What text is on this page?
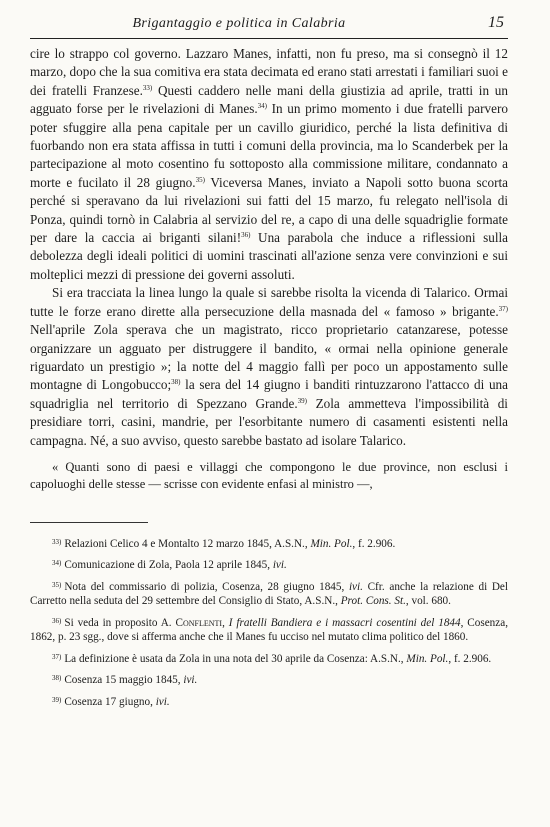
Brigantaggio e politica in Calabria	15

cire lo strappo col governo. Lazzaro Manes, infatti, non fu preso, ma si consegnò il 12 marzo, dopo che la sua comitiva era stata decimata ed erano stati arrestati i familiari suoi e dei fratelli Franzese.$^{33)}$ Questi caddero nelle mani della giustizia ad aprile, tratti in un agguato forse per le rivelazioni di Manes.$^{34)}$ In un primo momento i due fratelli parvero poter sfuggire alla pena capitale per un cavillo giuridico, perché la lista definitiva di fuorbando non era stata affissa in tutti i comuni della provincia, ma lo Scanderbek per la partecipazione al moto cosentino fu sottoposto alla commissione militare, condannato a morte e fucilato il 28 giugno.$^{35)}$ Viceversa Manes, inviato a Napoli sotto buona scorta perché si speravano da lui rivelazioni sui fatti del 15 marzo, fu relegato nell'isola di Ponza, quindi tornò in Calabria al servizio del re, a capo di una delle squadriglie formate per dare la caccia ai briganti silani!$^{36)}$ Una parabola che induce a riflessioni sulla debolezza degli ideali politici di uomini trascinati all'azione senza vere convinzioni e sui molteplici mezzi di pressione dei governi assoluti.

Si era tracciata la linea lungo la quale si sarebbe risolta la vicenda di Talarico. Ormai tutte le forze erano dirette alla persecuzione della masnada del « famoso » brigante.$^{37)}$ Nell'aprile Zola sperava che un magistrato, ricco proprietario catanzarese, potesse organizzare un agguato per distruggere il bandito, « ormai nella opinione generale riguardato un prestigio »; la notte del 4 maggio fallì per poco un appostamento sulle montagne di Longobucco;$^{38)}$ la sera del 14 giugno i banditi rintuzzarono l'attacco di una squadriglia nel territorio di Spezzano Grande.$^{39)}$ Zola ammetteva l'impossibilità di presidiare torri, casini, mandrie, per l'esorbitante numero di casamenti esistenti nella campagna. Né, a suo avviso, questo sarebbe bastato ad isolare Talarico.

« Quanti sono di paesi e villaggi che compongono le due province, non esclusi i capoluoghi delle stesse — scrisse con evidente enfasi al ministro —,

$^{33)}$ Relazioni Celico 4 e Montalto 12 marzo 1845, A.S.N., Min. Pol., f. 2.906.

$^{34)}$ Comunicazione di Zola, Paola 12 aprile 1845, ivi.

$^{35)}$ Nota del commissario di polizia, Cosenza, 28 giugno 1845, ivi. Cfr. anche la relazione di Del Carretto nella seduta del 29 settembre del Consiglio di Stato, A.S.N., Prot. Cons. St., vol. 680.

$^{36)}$ Si veda in proposito A. Conflenti, I fratelli Bandiera e i massacri cosentini del 1844, Cosenza, 1862, p. 23 sgg., dove si afferma anche che il Manes fu ucciso nel mutato clima politico del 1860.

$^{37)}$ La definizione è usata da Zola in una nota del 30 aprile da Cosenza: A.S.N., Min. Pol., f. 2.906.

$^{38)}$ Cosenza 15 maggio 1845, ivi.

$^{39)}$ Cosenza 17 giugno, ivi.
